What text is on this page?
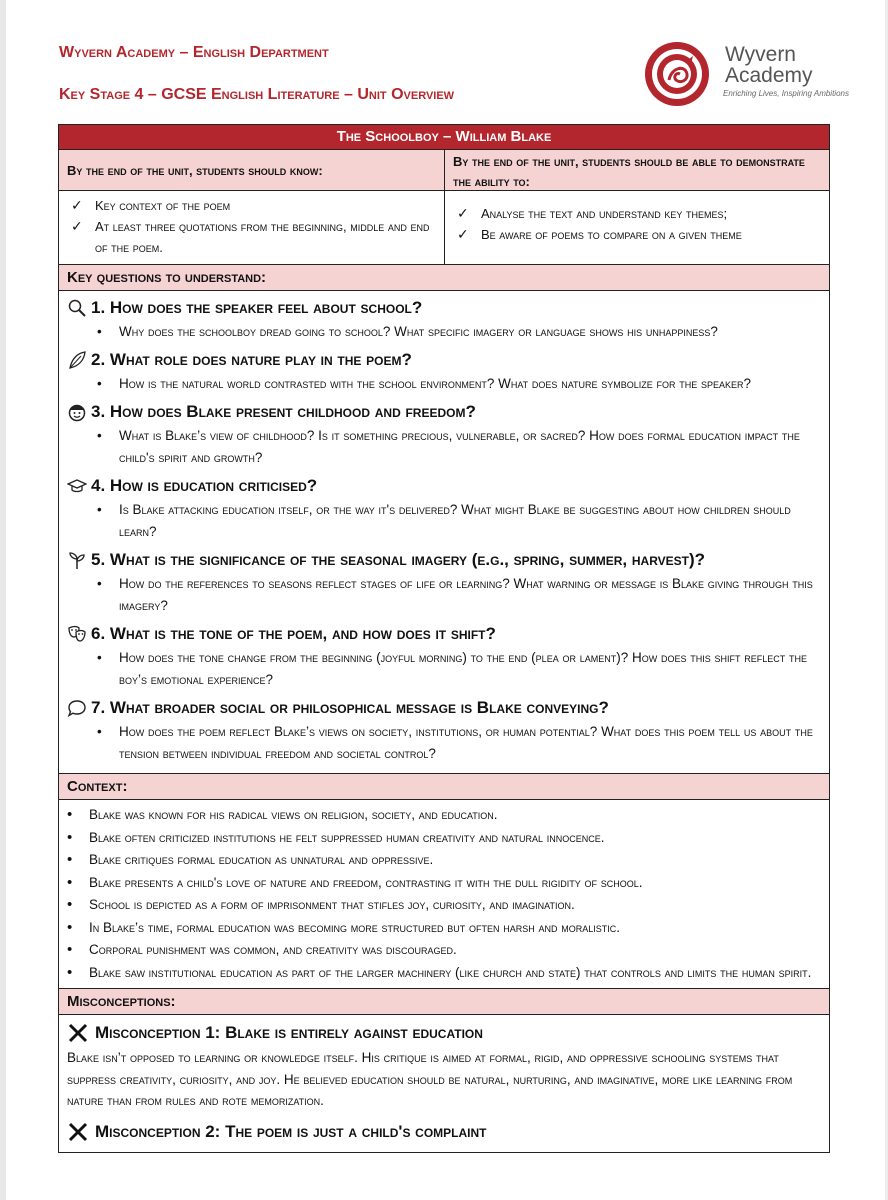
Wyvern Academy – English Department
Key Stage 4 – GCSE English Literature – Unit Overview
Wyvern
Academy
Enriching Lives, Inspiring Ambitions
The Schoolboy – William Blake
By the end of the unit, students should know:
By the end of the unit, students should be able to demonstrate the ability to:
✓ Key context of the poem
✓ At least three quotations from the beginning, middle and end of the poem.
✓ Analyse the text and understand key themes;
✓ Be aware of poems to compare on a given theme
Key questions to understand:
1. How does the speaker feel about school?
• Why does the schoolboy dread going to school? What specific imagery or language shows his unhappiness?
2. What role does nature play in the poem?
• How is the natural world contrasted with the school environment? What does nature symbolize for the speaker?
3. How does Blake present childhood and freedom?
• What is Blake’s view of childhood? Is it something precious, vulnerable, or sacred? How does formal education impact the child's spirit and growth?
4. How is education criticised?
• Is Blake attacking education itself, or the way it's delivered? What might Blake be suggesting about how children should learn?
5. What is the significance of the seasonal imagery (e.g., spring, summer, harvest)?
• How do the references to seasons reflect stages of life or learning? What warning or message is Blake giving through this imagery?
6. What is the tone of the poem, and how does it shift?
• How does the tone change from the beginning (joyful morning) to the end (plea or lament)? How does this shift reflect the boy’s emotional experience?
7. What broader social or philosophical message is Blake conveying?
• How does the poem reflect Blake’s views on society, institutions, or human potential? What does this poem tell us about the tension between individual freedom and societal control?
Context:
• Blake was known for his radical views on religion, society, and education.
• Blake often criticized institutions he felt suppressed human creativity and natural innocence.
• Blake critiques formal education as unnatural and oppressive.
• Blake presents a child's love of nature and freedom, contrasting it with the dull rigidity of school.
• School is depicted as a form of imprisonment that stifles joy, curiosity, and imagination.
• In Blake’s time, formal education was becoming more structured but often harsh and moralistic.
• Corporal punishment was common, and creativity was discouraged.
• Blake saw institutional education as part of the larger machinery (like church and state) that controls and limits the human spirit.
Misconceptions:
Misconception 1: Blake is entirely against education
Blake isn’t opposed to learning or knowledge itself. His critique is aimed at formal, rigid, and oppressive schooling systems that suppress creativity, curiosity, and joy. He believed education should be natural, nurturing, and imaginative, more like learning from nature than from rules and rote memorization.
Misconception 2: The poem is just a child's complaint
